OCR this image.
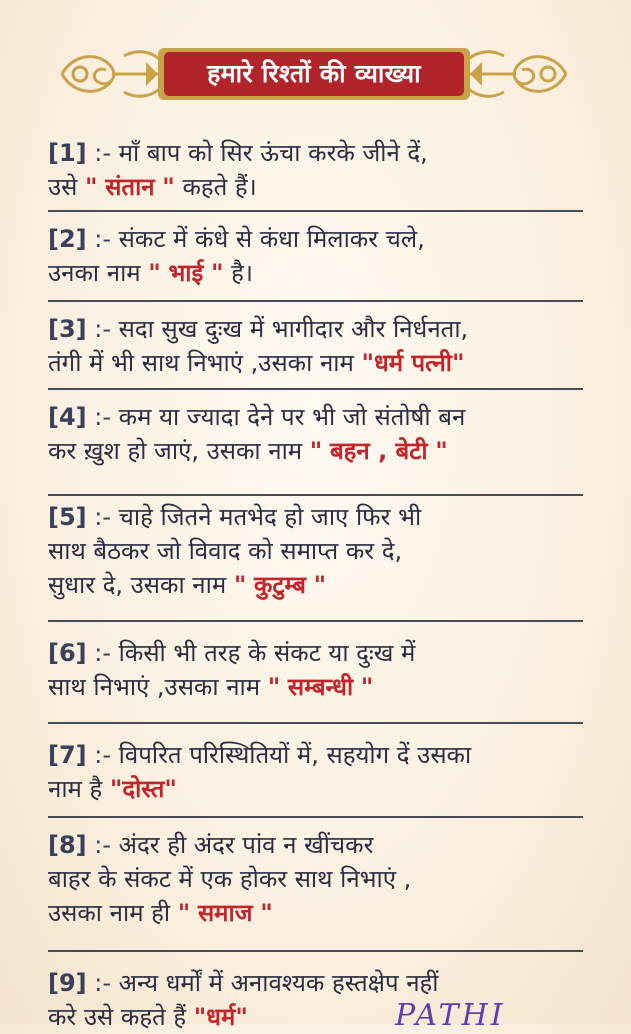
हमारे रिश्तों की व्याख्या
[1] :- माँ बाप को सिर ऊंचा करके जीने दें,
उसे " संतान " कहते हैं।
[2] :- संकट में कंधे से कंधा मिलाकर चले,
उनका नाम " भाई " है।
[3] :- सदा सुख दुःख में भागीदार और निर्धनता,
तंगी में भी साथ निभाएं ,उसका नाम "धर्म पत्नी"
[4] :- कम या ज्यादा देने पर भी जो संतोषी बन
कर ख़ुश हो जाएं, उसका नाम " बहन , बेटी "
[5] :- चाहे जितने मतभेद हो जाए फिर भी
साथ बैठकर जो विवाद को समाप्त कर दे,
सुधार दे, उसका नाम " कुटुम्ब "
[6] :- किसी भी तरह के संकट या दुःख में
साथ निभाएं ,उसका नाम " सम्बन्धी "
[7] :- विपरित परिस्थितियों में, सहयोग दें उसका
नाम है "दोस्त"
[8] :- अंदर ही अंदर पांव न खींचकर
बाहर के संकट में एक होकर साथ निभाएं ,
उसका नाम ही " समाज "
[9] :- अन्य धर्मों में अनावश्यक हस्तक्षेप नहीं
करे उसे कहते हैं "धर्म"	PATHI
